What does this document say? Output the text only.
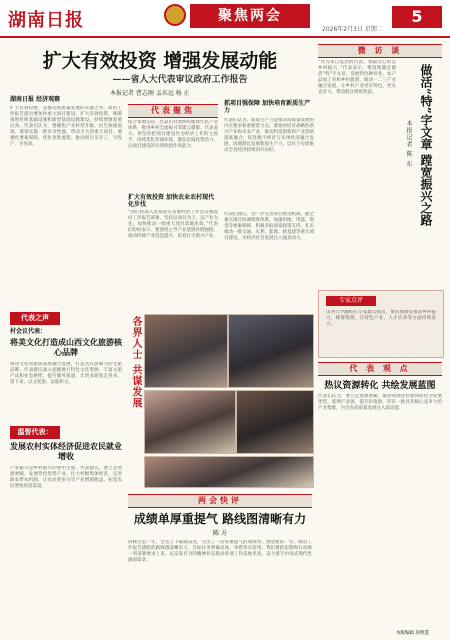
湖南日报	聚焦两会
2026年2月3日 星期二
5
扩大有效投资 增强发展动能
——省人大代表审议政府工作报告
本报记者 曹志刚 孟东远 杨 正
代表之声
村会议代表：
将美文化打造成山西文化旅游核心品牌
推动文化和旅游深度融合发展，打造具有影响力的文旅品牌。代表建议深入挖掘地方特色文化资源，丰富文旅产品和业态供给，提升服务质量，让更多游客走进来、留下来，以文促旅、以旅彰文。
温智代表：
发展农村实体经济促进农民就业增收
产业振兴是乡村振兴的重中之重。代表建议，要立足资源禀赋，发展特色优势产业，壮大村级集体经济，完善联农带农机制，让农民更多分享产业增值收益，拓宽农民增收致富渠道。
湖南日报 经济观察
扩大有效投资，是推动高质量发展的关键之举。政府工作报告提出要加快重大项目建设，扩大有效投资，统筹推进传统基础设施和新型基础设施建设，持续增强发展后劲。代表们认为，要聚焦产业转型升级、民生短板弱项，谋划实施一批牵引性强、带动力大的重大项目。要强化要素保障，优化审批流程，推动项目早开工、早投产、早见效。
代表聚焦
结合本地实际，代表们对加快构建现代化产业体系、推进乡村全面振兴等建言献策。代表表示，将坚持把项目建设作为经济工作的主抓手，持续优化营商环境，激发民间投资活力，以项目建设的实绩检验作风能力。
扩大有效投资 加快农业农村现代化步伐
“我们将深入贯彻落实省委经济工作会议和政府工作报告部署，坚持以项目为王，以产业为先，加快推动一批重大项目落地见效。”代表们纷纷表示，要围绕主导产业延链补链强链，推动传统产业改造提升，培育壮大新兴产业。
抓项目强保障 加快培育新质生产力
代表们认为，新质生产力是推动高质量发展的内在要求和重要着力点。要加快培育战略性新兴产业和未来产业，推动科技创新和产业创新深度融合，促进数字经济与实体经济融合发展，因地制宜发展新质生产力，以实干实绩推动全省经济持续回升向好。
代表们建议，进一步完善项目推进机制，健全重点项目协调调度体系，加强用地、用能、资金等要素保障，积极争取国家政策支持，扎实推动一批交通、水利、能源、新基建等重大项目建设，为经济社会发展注入强劲动力。
各界人士 共谋发展
两会快评
成绩单厚重提气 路线图清晰有力
陈 方
回顾过去一年，全省上下砥砺奋进，交出了一份厚重提气的成绩单。展望新的一年，政府工作报告描绘的路线图清晰有力，目标任务明确具体，举措务实管用。我们要把思想和行动统一到部署要求上来，以奋发有为的精神状态推动各项工作落地见效，奋力谱写中国式现代化湖南篇章。
微 访 谈
“作为来自基层的代表，我最关心的是乡村振兴。”代表表示，要因地制宜做活“特”字文章，发展特色种养业、农产品加工业和乡村旅游，推动一二三产业融合发展，让乡村产业更有特色、更具竞争力，带动群众增收致富。	做活“特”字文章 蹚宽振兴之路
本报记者 陈 东
专家点评
山西大学副校长专家建议指出，要因地制宜推动乡村振兴，统筹资源，在特色产业、人才培养等方面持续发力。
代 表 观 点
热议资源转化 共绘发展蓝图
代表们认为，要立足资源禀赋，推动资源优势加快转化为发展优势，延伸产业链、提升价值链，培育一批具有核心竞争力的产业集群，为全省高质量发展注入新动能。
本版编辑 何明慧
